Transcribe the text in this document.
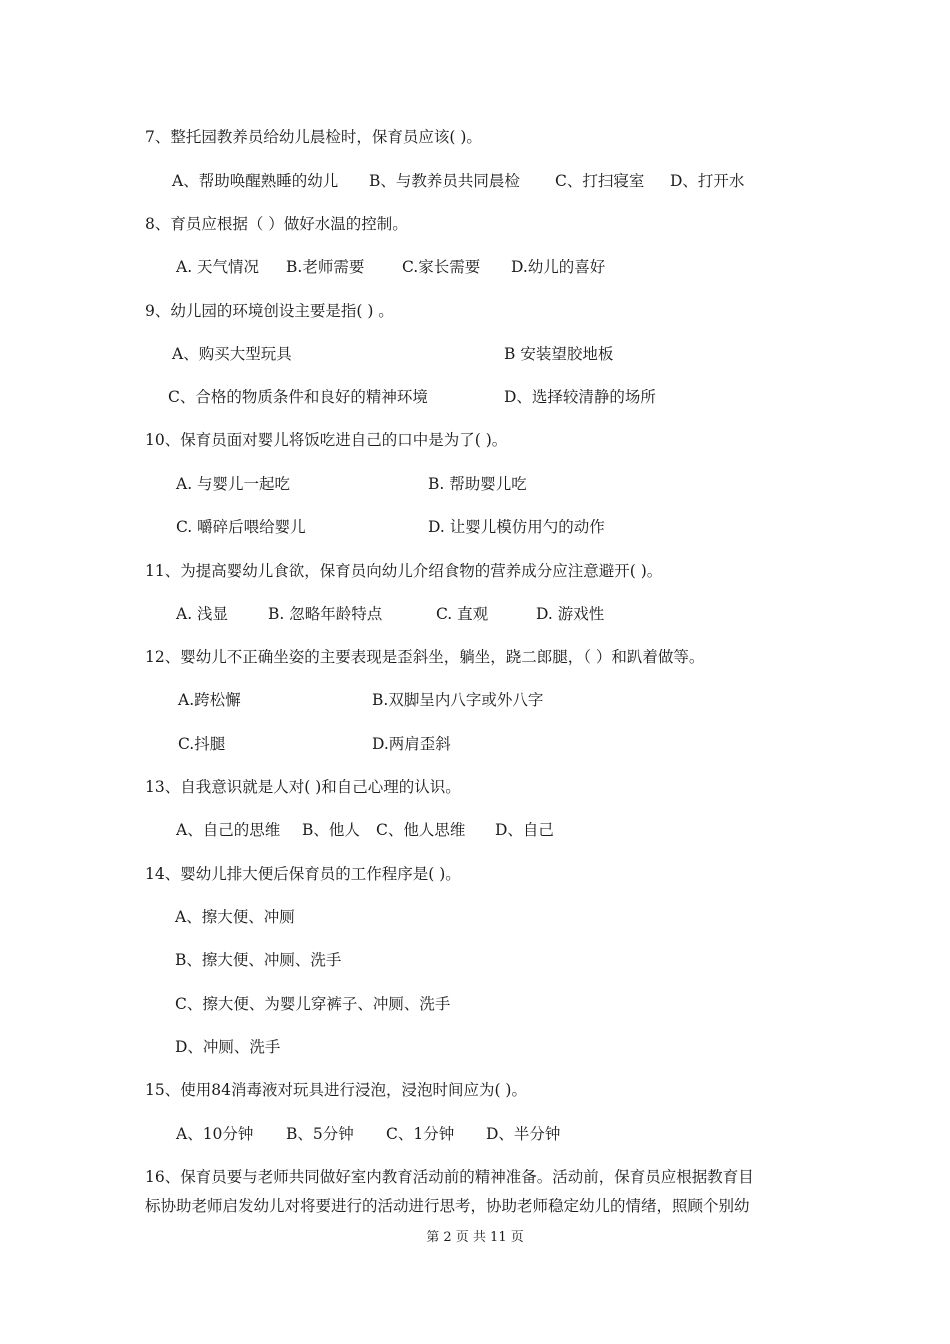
7、整托园教养员给幼儿晨检时，保育员应该( )。
A、帮助唤醒熟睡的幼儿 B、与教养员共同晨检 C、打扫寝室 D、打开水
8、育员应根据（ ）做好水温的控制。
A. 天气情况 B.老师需要 C.家长需要 D.幼儿的喜好
9、幼儿园的环境创设主要是指( ) 。
A、购买大型玩具	B 安装望胶地板
C、合格的物质条件和良好的精神环境	D、选择较清静的场所
10、保育员面对婴儿将饭吃进自己的口中是为了( )。
A. 与婴儿一起吃	B. 帮助婴儿吃
C. 嚼碎后喂给婴儿	D. 让婴儿模仿用勺的动作
11、为提高婴幼儿食欲，保育员向幼儿介绍食物的营养成分应注意避开( )。
A. 浅显	B. 忽略年龄特点	C. 直观	D. 游戏性
12、婴幼儿不正确坐姿的主要表现是歪斜坐，躺坐，跷二郎腿，（ ）和趴着做等。
A.跨松懈	B.双脚呈内八字或外八字
C.抖腿	D.两肩歪斜
13、自我意识就是人对( )和自己心理的认识。
A、自己的思维 B、他人 C、他人思维 D、自己
14、婴幼儿排大便后保育员的工作程序是( )。
A、擦大便、冲厕
B、擦大便、冲厕、洗手
C、擦大便、为婴儿穿裤子、冲厕、洗手
D、冲厕、洗手
15、使用84消毒液对玩具进行浸泡，浸泡时间应为( )。
A、10分钟 B、5分钟 C、1分钟 D、半分钟
16、保育员要与老师共同做好室内教育活动前的精神准备。活动前，保育员应根据教育目
标协助老师启发幼儿对将要进行的活动进行思考，协助老师稳定幼儿的情绪，照顾个别幼
第 2 页 共 11 页
